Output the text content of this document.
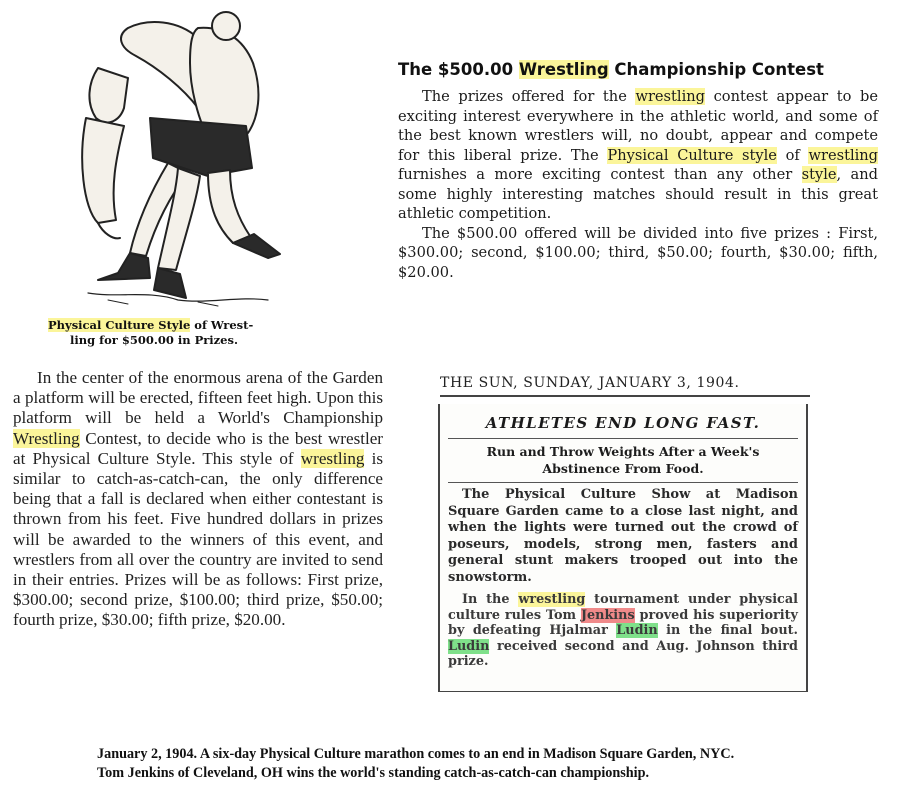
Physical Culture Style of Wrest-
ling for $500.00 in Prizes.
The $500.00 Wrestling Championship Contest

The prizes offered for the wrestling contest appear to be exciting interest everywhere in the athletic world, and some of the best known wrestlers will, no doubt, appear and compete for this liberal prize. The Physical Culture style of wrestling furnishes a more exciting contest than any other style, and some highly interesting matches should result in this great athletic competition.

The $500.00 offered will be divided into five prizes : First, $300.00; second, $100.00; third, $50.00; fourth, $30.00; fifth, $20.00.

In the center of the enormous arena of the Garden a platform will be erected, fifteen feet high. Upon this platform will be held a World's Championship Wrestling Contest, to decide who is the best wrestler at Physical Culture Style. This style of wrestling is similar to catch-as-catch-can, the only difference being that a fall is declared when either contestant is thrown from his feet. Five hundred dollars in prizes will be awarded to the winners of this event, and wrestlers from all over the country are invited to send in their entries. Prizes will be as follows: First prize, $300.00; second prize, $100.00; third prize, $50.00; fourth prize, $30.00; fifth prize, $20.00.

THE SUN, SUNDAY, JANUARY 3, 1904.
ATHLETES END LONG FAST.
Run and Throw Weights After a Week's Abstinence From Food.

The Physical Culture Show at Madison Square Garden came to a close last night, and when the lights were turned out the crowd of poseurs, models, strong men, fasters and general stunt makers trooped out into the snowstorm.

In the wrestling tournament under physical culture rules Tom Jenkins proved his superiority by defeating Hjalmar Ludin in the final bout. Ludin received second and Aug. Johnson third prize.

January 2, 1904. A six-day Physical Culture marathon comes to an end in Madison Square Garden, NYC.
Tom Jenkins of Cleveland, OH wins the world's standing catch-as-catch-can championship.
